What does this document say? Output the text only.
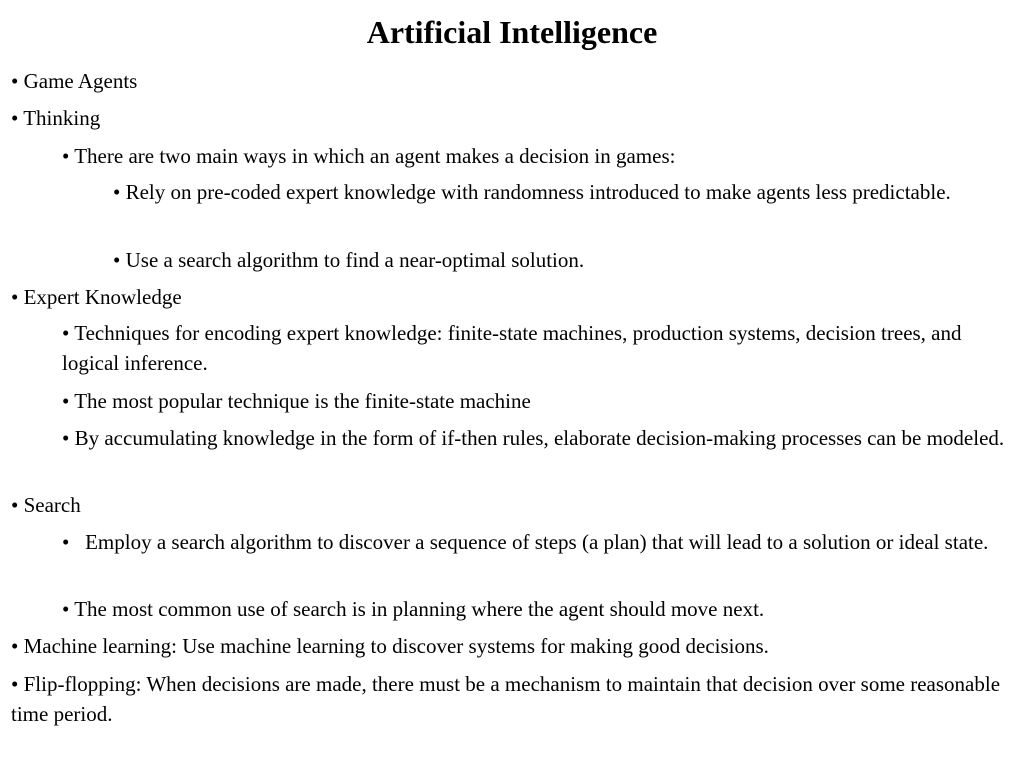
Artificial Intelligence

• Game Agents

• Thinking

• There are two main ways in which an agent makes a decision in games:

• Rely on pre-coded expert knowledge with randomness introduced to make agents less predictable.

• Use a search algorithm to find a near-optimal solution.

• Expert Knowledge

• Techniques for encoding expert knowledge: finite-state machines, production systems, decision trees, and logical inference.

• The most popular technique is the finite-state machine

• By accumulating knowledge in the form of if-then rules, elaborate decision-making processes can be modeled.

• Search

•   Employ a search algorithm to discover a sequence of steps (a plan) that will lead to a solution or ideal state.

• The most common use of search is in planning where the agent should move next.

• Machine learning: Use machine learning to discover systems for making good decisions.

• Flip-flopping: When decisions are made, there must be a mechanism to maintain that decision over some reasonable time period.
